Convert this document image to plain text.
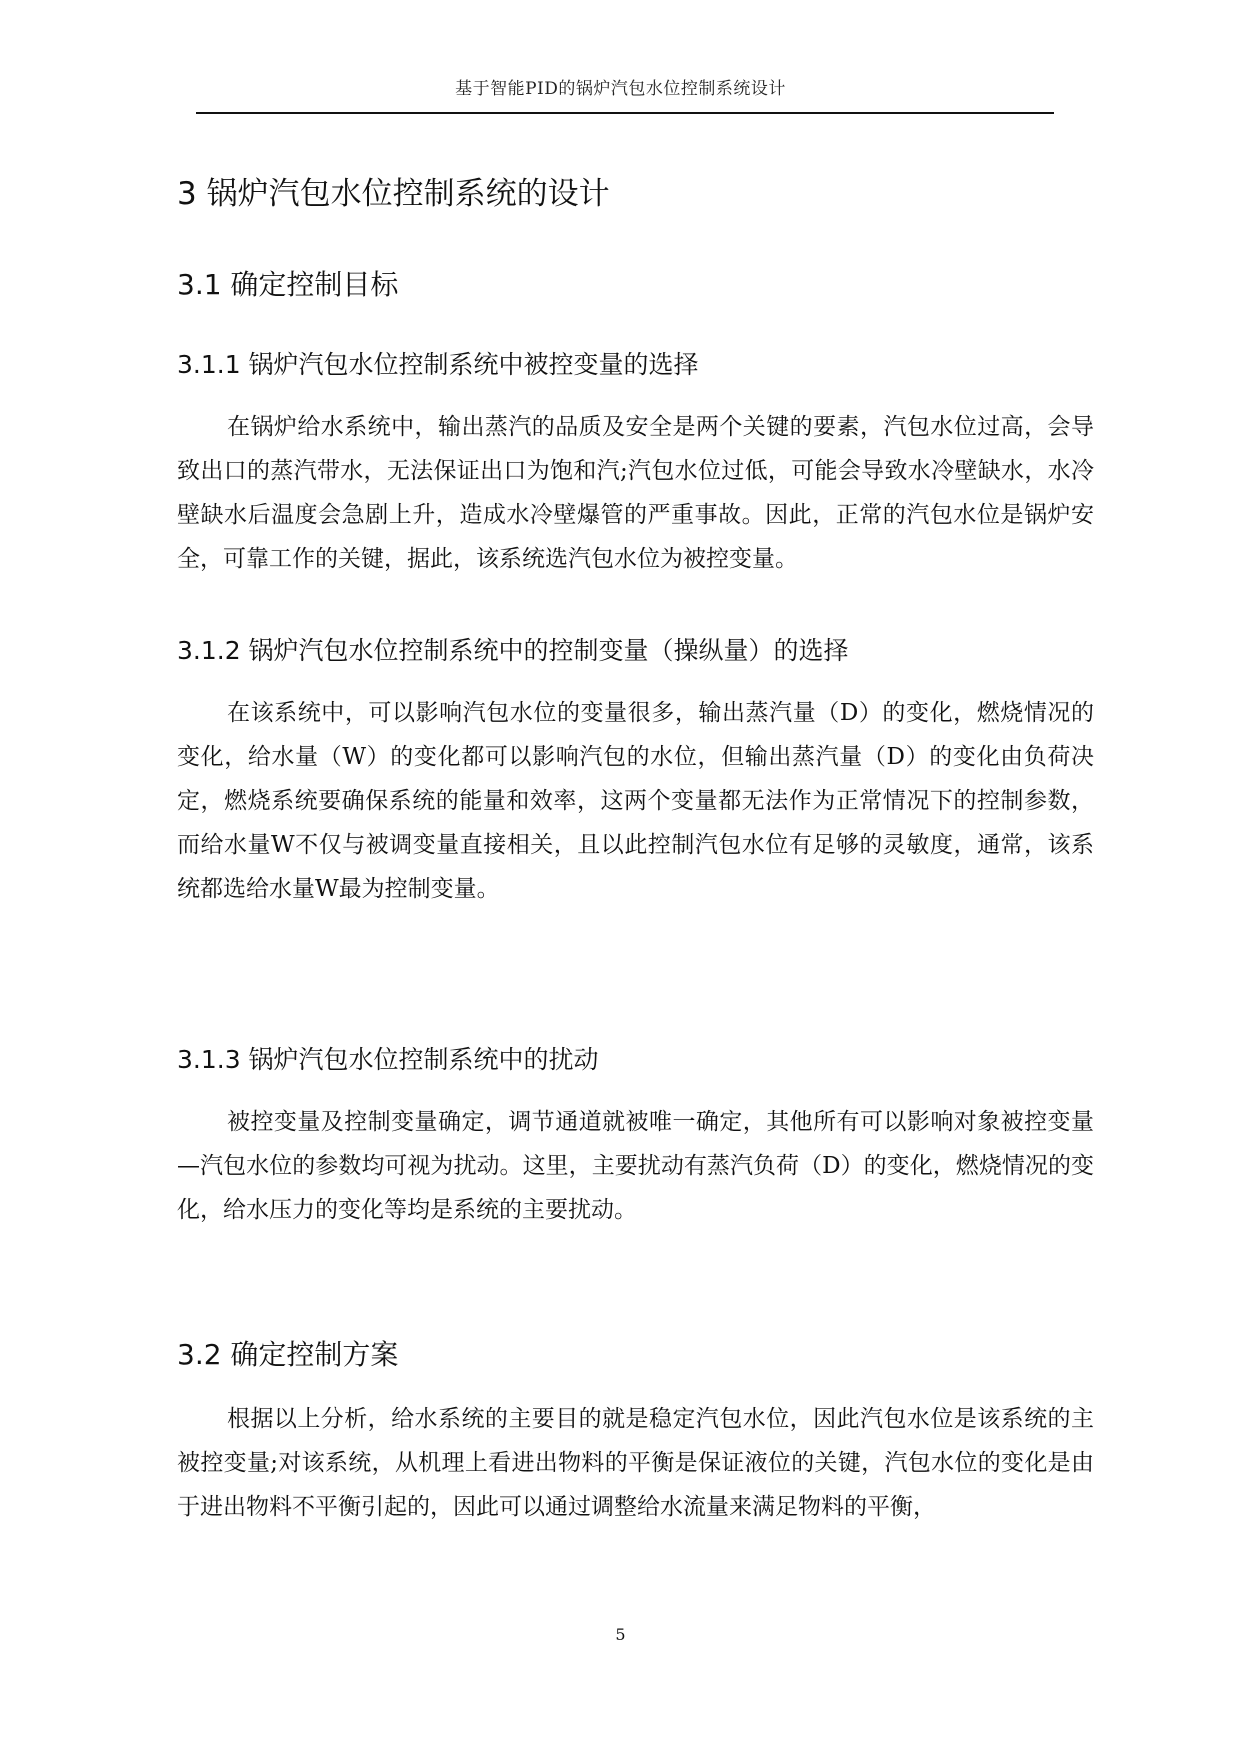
基于智能PID的锅炉汽包水位控制系统设计
3 锅炉汽包水位控制系统的设计
3.1 确定控制目标
3.1.1 锅炉汽包水位控制系统中被控变量的选择
在锅炉给水系统中，输出蒸汽的品质及安全是两个关键的要素，汽包水位过高，会导致出口的蒸汽带水，无法保证出口为饱和汽;汽包水位过低，可能会导致水冷壁缺水，水冷壁缺水后温度会急剧上升，造成水冷壁爆管的严重事故。因此，正常的汽包水位是锅炉安全，可靠工作的关键，据此，该系统选汽包水位为被控变量。
3.1.2 锅炉汽包水位控制系统中的控制变量（操纵量）的选择
在该系统中，可以影响汽包水位的变量很多，输出蒸汽量（D）的变化，燃烧情况的变化，给水量（W）的变化都可以影响汽包的水位，但输出蒸汽量（D）的变化由负荷决定，燃烧系统要确保系统的能量和效率，这两个变量都无法作为正常情况下的控制参数，而给水量W不仅与被调变量直接相关，且以此控制汽包水位有足够的灵敏度，通常，该系统都选给水量W最为控制变量。
3.1.3 锅炉汽包水位控制系统中的扰动
被控变量及控制变量确定，调节通道就被唯一确定，其他所有可以影响对象被控变量—汽包水位的参数均可视为扰动。这里，主要扰动有蒸汽负荷（D）的变化，燃烧情况的变化，给水压力的变化等均是系统的主要扰动。
3.2 确定控制方案
根据以上分析，给水系统的主要目的就是稳定汽包水位，因此汽包水位是该系统的主被控变量;对该系统，从机理上看进出物料的平衡是保证液位的关键，汽包水位的变化是由于进出物料不平衡引起的，因此可以通过调整给水流量来满足物料的平衡，
5
